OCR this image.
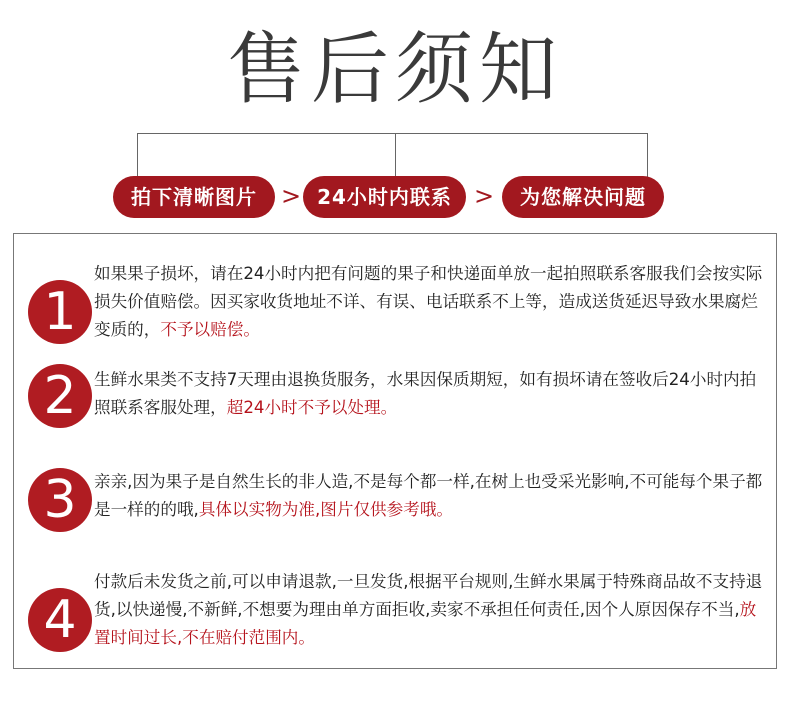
售后须知
拍下清晰图片	> 24小时内联系 >	为您解决问题
1
如果果子损坏，请在24小时内把有问题的果子和快递面单放一起拍照联系客服我们会按实际损失价值赔偿。因买家收货地址不详、有误、电话联系不上等，造成送货延迟导致水果腐烂变质的，不予以赔偿。
2	生鲜水果类不支持7天理由退换货服务，水果因保质期短，如有损坏请在签收后24小时内拍照联系客服处理，超24小时不予以处理。
3	亲亲,因为果子是自然生长的非人造,不是每个都一样,在树上也受采光影响,不可能每个果子都是一样的的哦,具体以实物为准,图片仅供参考哦。
4
付款后未发货之前,可以申请退款,一旦发货,根据平台规则,生鲜水果属于特殊商品故不支持退货,以快递慢,不新鲜,不想要为理由单方面拒收,卖家不承担任何责任,因个人原因保存不当,放置时间过长,不在赔付范围内。
